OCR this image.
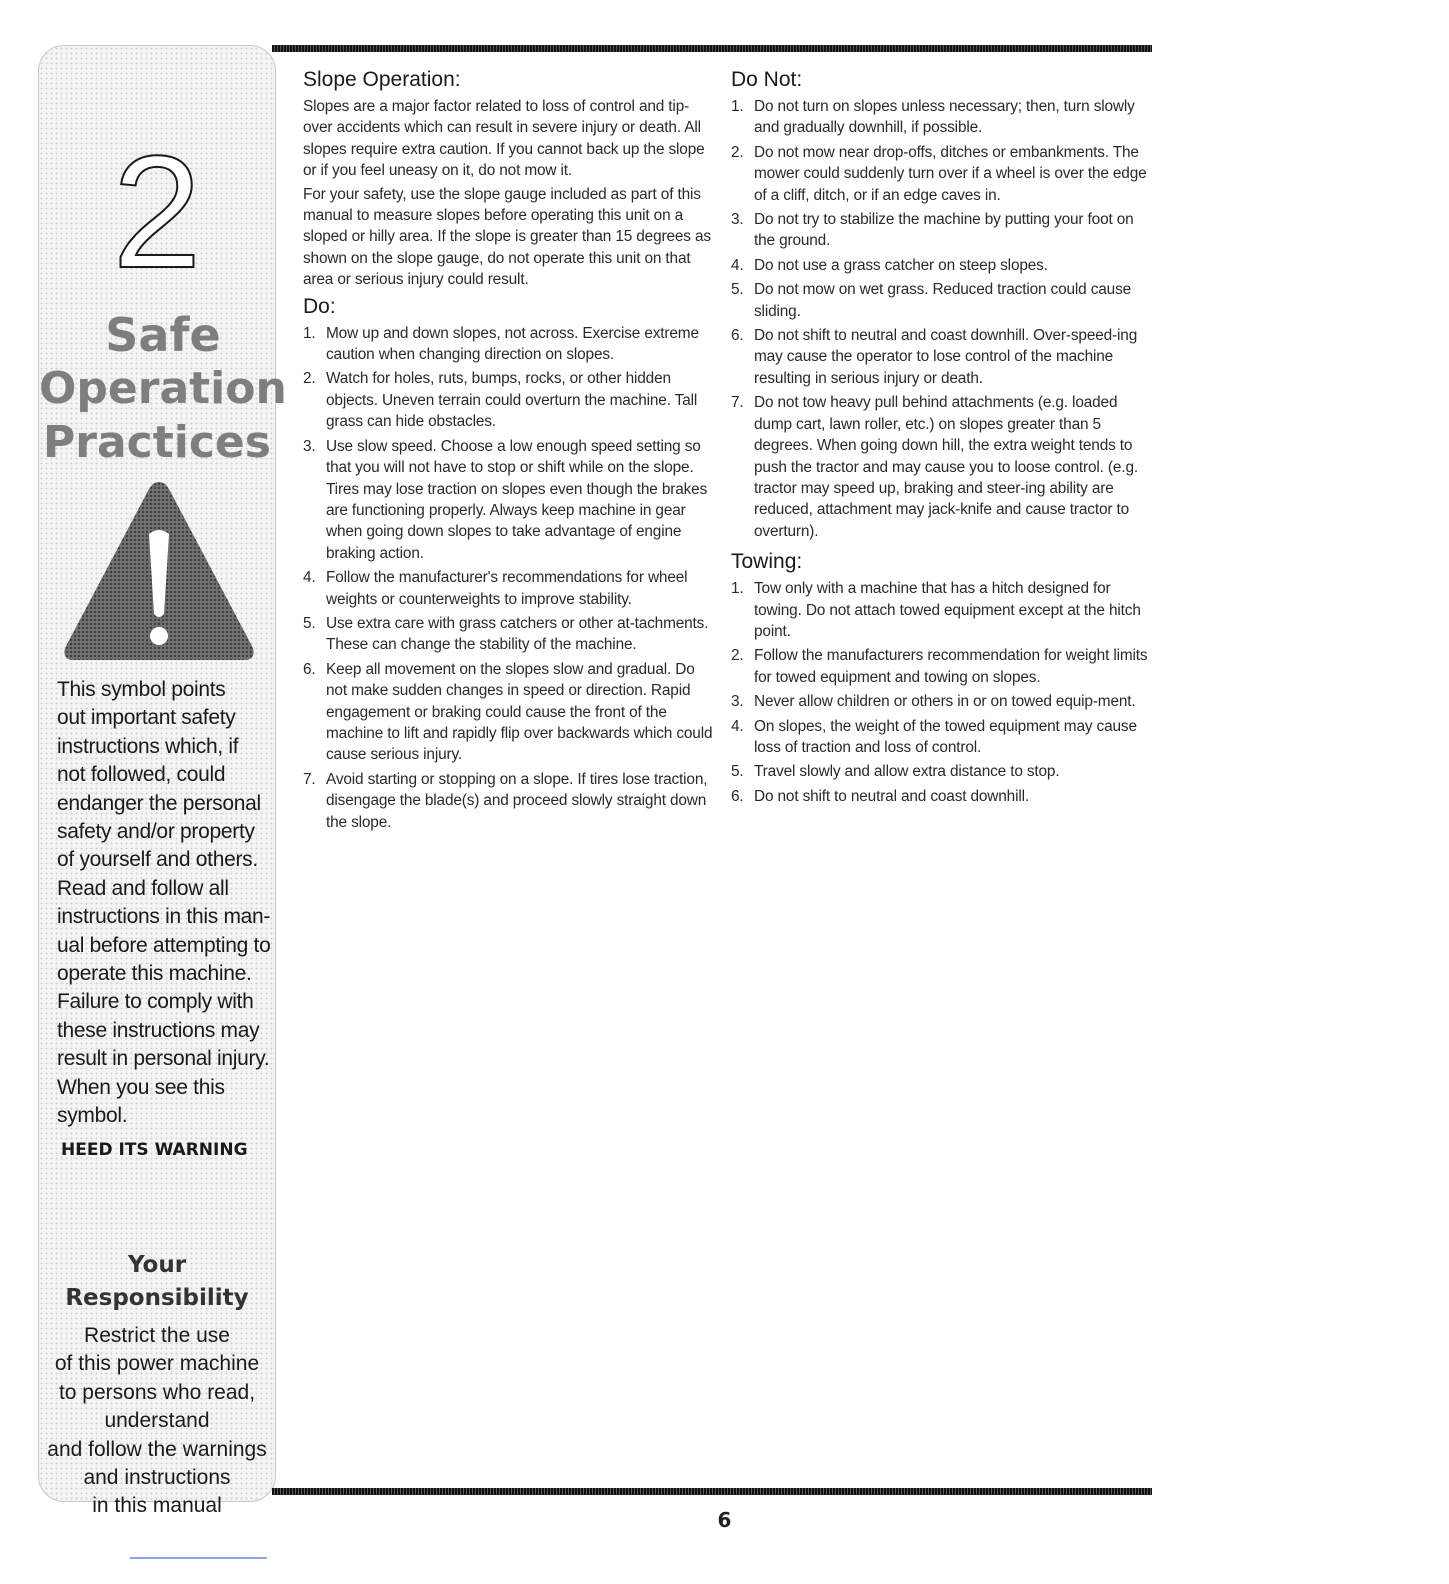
2
Safe
Operation
Practices
This symbol points
out important safety
instructions which, if
not followed, could
endanger the personal
safety and/or property
of yourself and others.
Read and follow all
instructions in this man-
ual before attempting to
operate this machine.
Failure to comply with
these instructions may
result in personal injury.
When you see this
symbol.
HEED ITS WARNING
Your
Responsibility
Restrict the use
of this power machine
to persons who read,
understand
and follow the warnings
and instructions
in this manual
Slope Operation:

Slopes are a major factor related to loss of control and tip-over accidents which can result in severe injury or death. All slopes require extra caution. If you cannot back up the slope or if you feel uneasy on it, do not mow it.

For your safety, use the slope gauge included as part of this manual to measure slopes before operating this unit on a sloped or hilly area. If the slope is greater than 15 degrees as shown on the slope gauge, do not operate this unit on that area or serious injury could result.

Do:
1. Mow up and down slopes, not across. Exercise extreme caution when changing direction on slopes.
2. Watch for holes, ruts, bumps, rocks, or other hidden objects. Uneven terrain could overturn the machine. Tall grass can hide obstacles.
3. Use slow speed. Choose a low enough speed setting so that you will not have to stop or shift while on the slope. Tires may lose traction on slopes even though the brakes are functioning properly. Always keep machine in gear when going down slopes to take advantage of engine braking action.
4. Follow the manufacturer's recommendations for wheel weights or counterweights to improve stability.
5. Use extra care with grass catchers or other at-tachments. These can change the stability of the machine.
6. Keep all movement on the slopes slow and gradual. Do not make sudden changes in speed or direction. Rapid engagement or braking could cause the front of the machine to lift and rapidly flip over backwards which could cause serious injury.
7. Avoid starting or stopping on a slope. If tires lose traction, disengage the blade(s) and proceed slowly straight down the slope.
Do Not:
1. Do not turn on slopes unless necessary; then, turn slowly and gradually downhill, if possible.
2. Do not mow near drop-offs, ditches or embankments. The mower could suddenly turn over if a wheel is over the edge of a cliff, ditch, or if an edge caves in.
3. Do not try to stabilize the machine by putting your foot on the ground.
4. Do not use a grass catcher on steep slopes.
5. Do not mow on wet grass. Reduced traction could cause sliding.
6. Do not shift to neutral and coast downhill. Over-speed-ing may cause the operator to lose control of the machine resulting in serious injury or death.
7. Do not tow heavy pull behind attachments (e.g. loaded dump cart, lawn roller, etc.) on slopes greater than 5 degrees. When going down hill, the extra weight tends to push the tractor and may cause you to loose control. (e.g. tractor may speed up, braking and steer-ing ability are reduced, attachment may jack-knife and cause tractor to overturn).
Towing:
1. Tow only with a machine that has a hitch designed for towing. Do not attach towed equipment except at the hitch point.
2. Follow the manufacturers recommendation for weight limits for towed equipment and towing on slopes.
3. Never allow children or others in or on towed equip-ment.
4. On slopes, the weight of the towed equipment may cause loss of traction and loss of control.
5. Travel slowly and allow extra distance to stop.
6. Do not shift to neutral and coast downhill.
6
